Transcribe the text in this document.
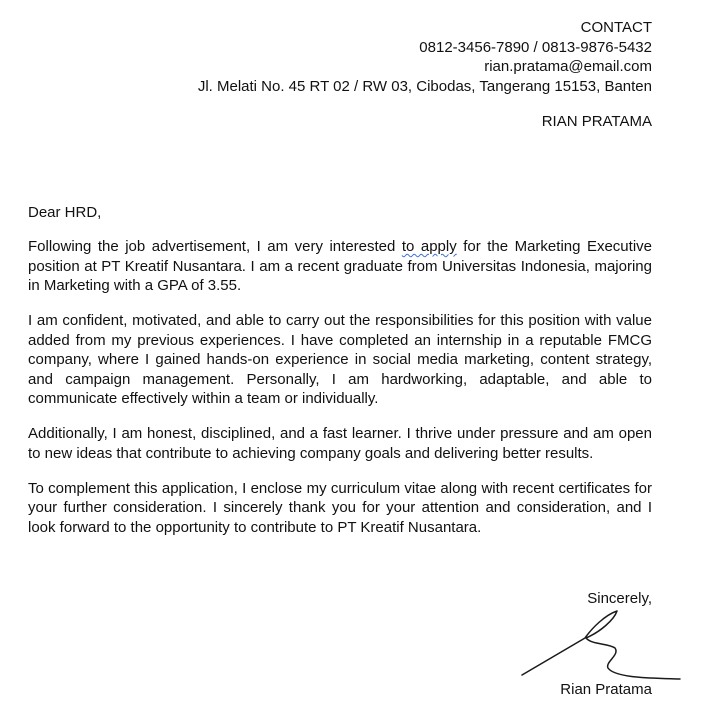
CONTACT
0812-3456-7890 / 0813-9876-5432
rian.pratama@email.com
Jl. Melati No. 45 RT 02 / RW 03, Cibodas, Tangerang 15153, Banten
RIAN PRATAMA
Dear HRD,

Following the job advertisement, I am very interested to apply for the Marketing Executive position at PT Kreatif Nusantara. I am a recent graduate from Universitas Indonesia, majoring in Marketing with a GPA of 3.55.

I am confident, motivated, and able to carry out the responsibilities for this position with value added from my previous experiences. I have completed an internship in a reputable FMCG company, where I gained hands-on experience in social media marketing, content strategy, and campaign management. Personally, I am hardworking, adaptable, and able to communicate effectively within a team or individually.

Additionally, I am honest, disciplined, and a fast learner. I thrive under pressure and am open to new ideas that contribute to achieving company goals and delivering better results.

To complement this application, I enclose my curriculum vitae along with recent certificates for your further consideration. I sincerely thank you for your attention and consideration, and I look forward to the opportunity to contribute to PT Kreatif Nusantara.

Sincerely,
Rian Pratama
